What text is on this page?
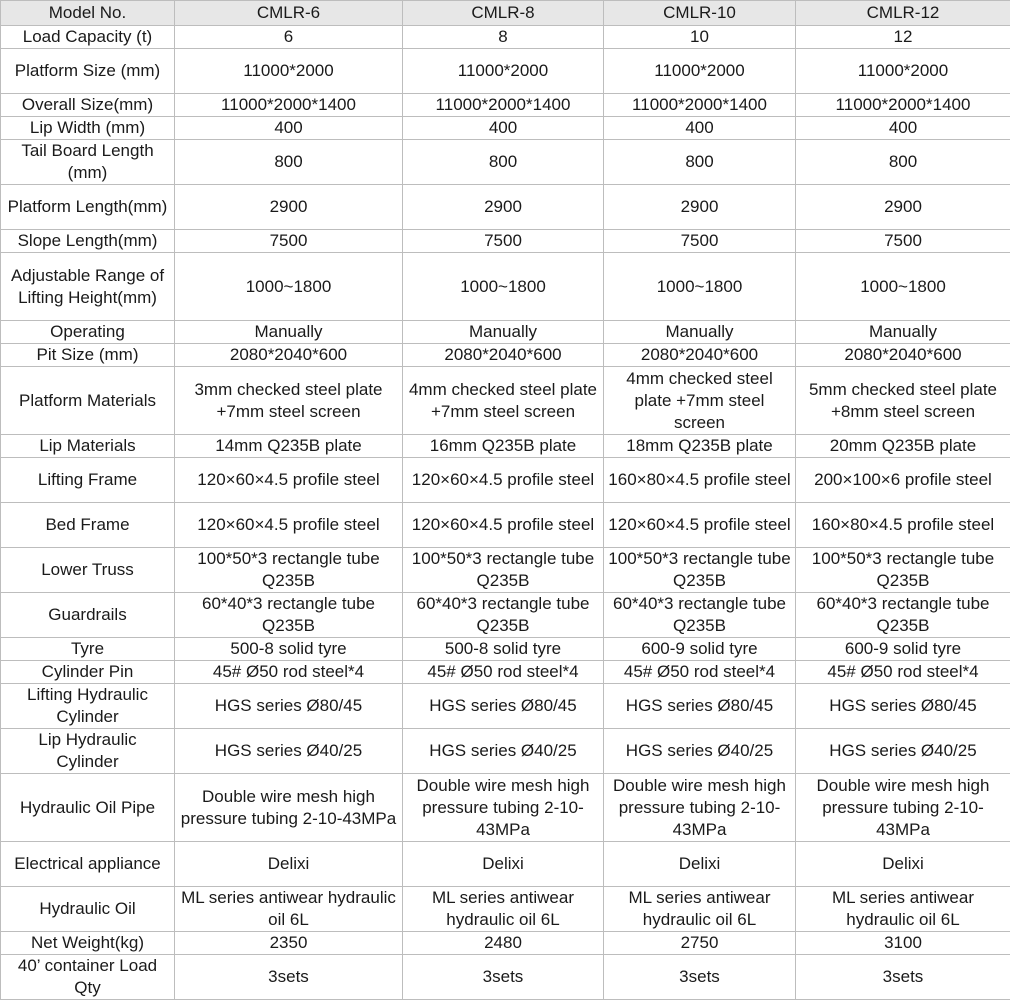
Model No.	CMLR-6	CMLR-8	CMLR-10	CMLR-12
Load Capacity (t)	6	8	10	12
Platform Size (mm)	11000*2000	11000*2000	11000*2000	11000*2000
Overall Size(mm)	11000*2000*1400	11000*2000*1400	11000*2000*1400	11000*2000*1400
Lip Width (mm)	400	400	400	400
Tail Board Length (mm)	800	800	800	800
Platform Length(mm)	2900	2900	2900	2900
Slope Length(mm)	7500	7500	7500	7500
Adjustable Range of Lifting Height(mm)	1000~1800	1000~1800	1000~1800	1000~1800
Operating	Manually	Manually	Manually	Manually
Pit Size (mm)	2080*2040*600	2080*2040*600	2080*2040*600	2080*2040*600
Platform Materials	3mm checked steel plate +7mm steel screen	4mm checked steel plate +7mm steel screen	4mm checked steel plate +7mm steel screen	5mm checked steel plate +8mm steel screen
Lip Materials	14mm Q235B plate	16mm Q235B plate	18mm Q235B plate	20mm Q235B plate
Lifting Frame	120×60×4.5 profile steel	120×60×4.5 profile steel	160×80×4.5 profile steel	200×100×6 profile steel
Bed Frame	120×60×4.5 profile steel	120×60×4.5 profile steel	120×60×4.5 profile steel	160×80×4.5 profile steel
Lower Truss	100*50*3 rectangle tube Q235B	100*50*3 rectangle tube Q235B	100*50*3 rectangle tube Q235B	100*50*3 rectangle tube Q235B
Guardrails	60*40*3 rectangle tube Q235B	60*40*3 rectangle tube Q235B	60*40*3 rectangle tube Q235B	60*40*3 rectangle tube Q235B
Tyre	500-8 solid tyre	500-8 solid tyre	600-9 solid tyre	600-9 solid tyre
Cylinder Pin	45# Ø50 rod steel*4	45# Ø50 rod steel*4	45# Ø50 rod steel*4	45# Ø50 rod steel*4
Lifting Hydraulic Cylinder	HGS series Ø80/45	HGS series Ø80/45	HGS series Ø80/45	HGS series Ø80/45
Lip Hydraulic Cylinder	HGS series Ø40/25	HGS series Ø40/25	HGS series Ø40/25	HGS series Ø40/25
Hydraulic Oil Pipe	Double wire mesh high pressure tubing 2-10-43MPa	Double wire mesh high pressure tubing 2-10-43MPa	Double wire mesh high pressure tubing 2-10-43MPa	Double wire mesh high pressure tubing 2-10-43MPa
Electrical appliance	Delixi	Delixi	Delixi	Delixi
Hydraulic Oil	ML series antiwear hydraulic oil 6L	ML series antiwear hydraulic oil 6L	ML series antiwear hydraulic oil 6L	ML series antiwear hydraulic oil 6L
Net Weight(kg)	2350	2480	2750	3100
40’ container Load Qty	3sets	3sets	3sets	3sets
